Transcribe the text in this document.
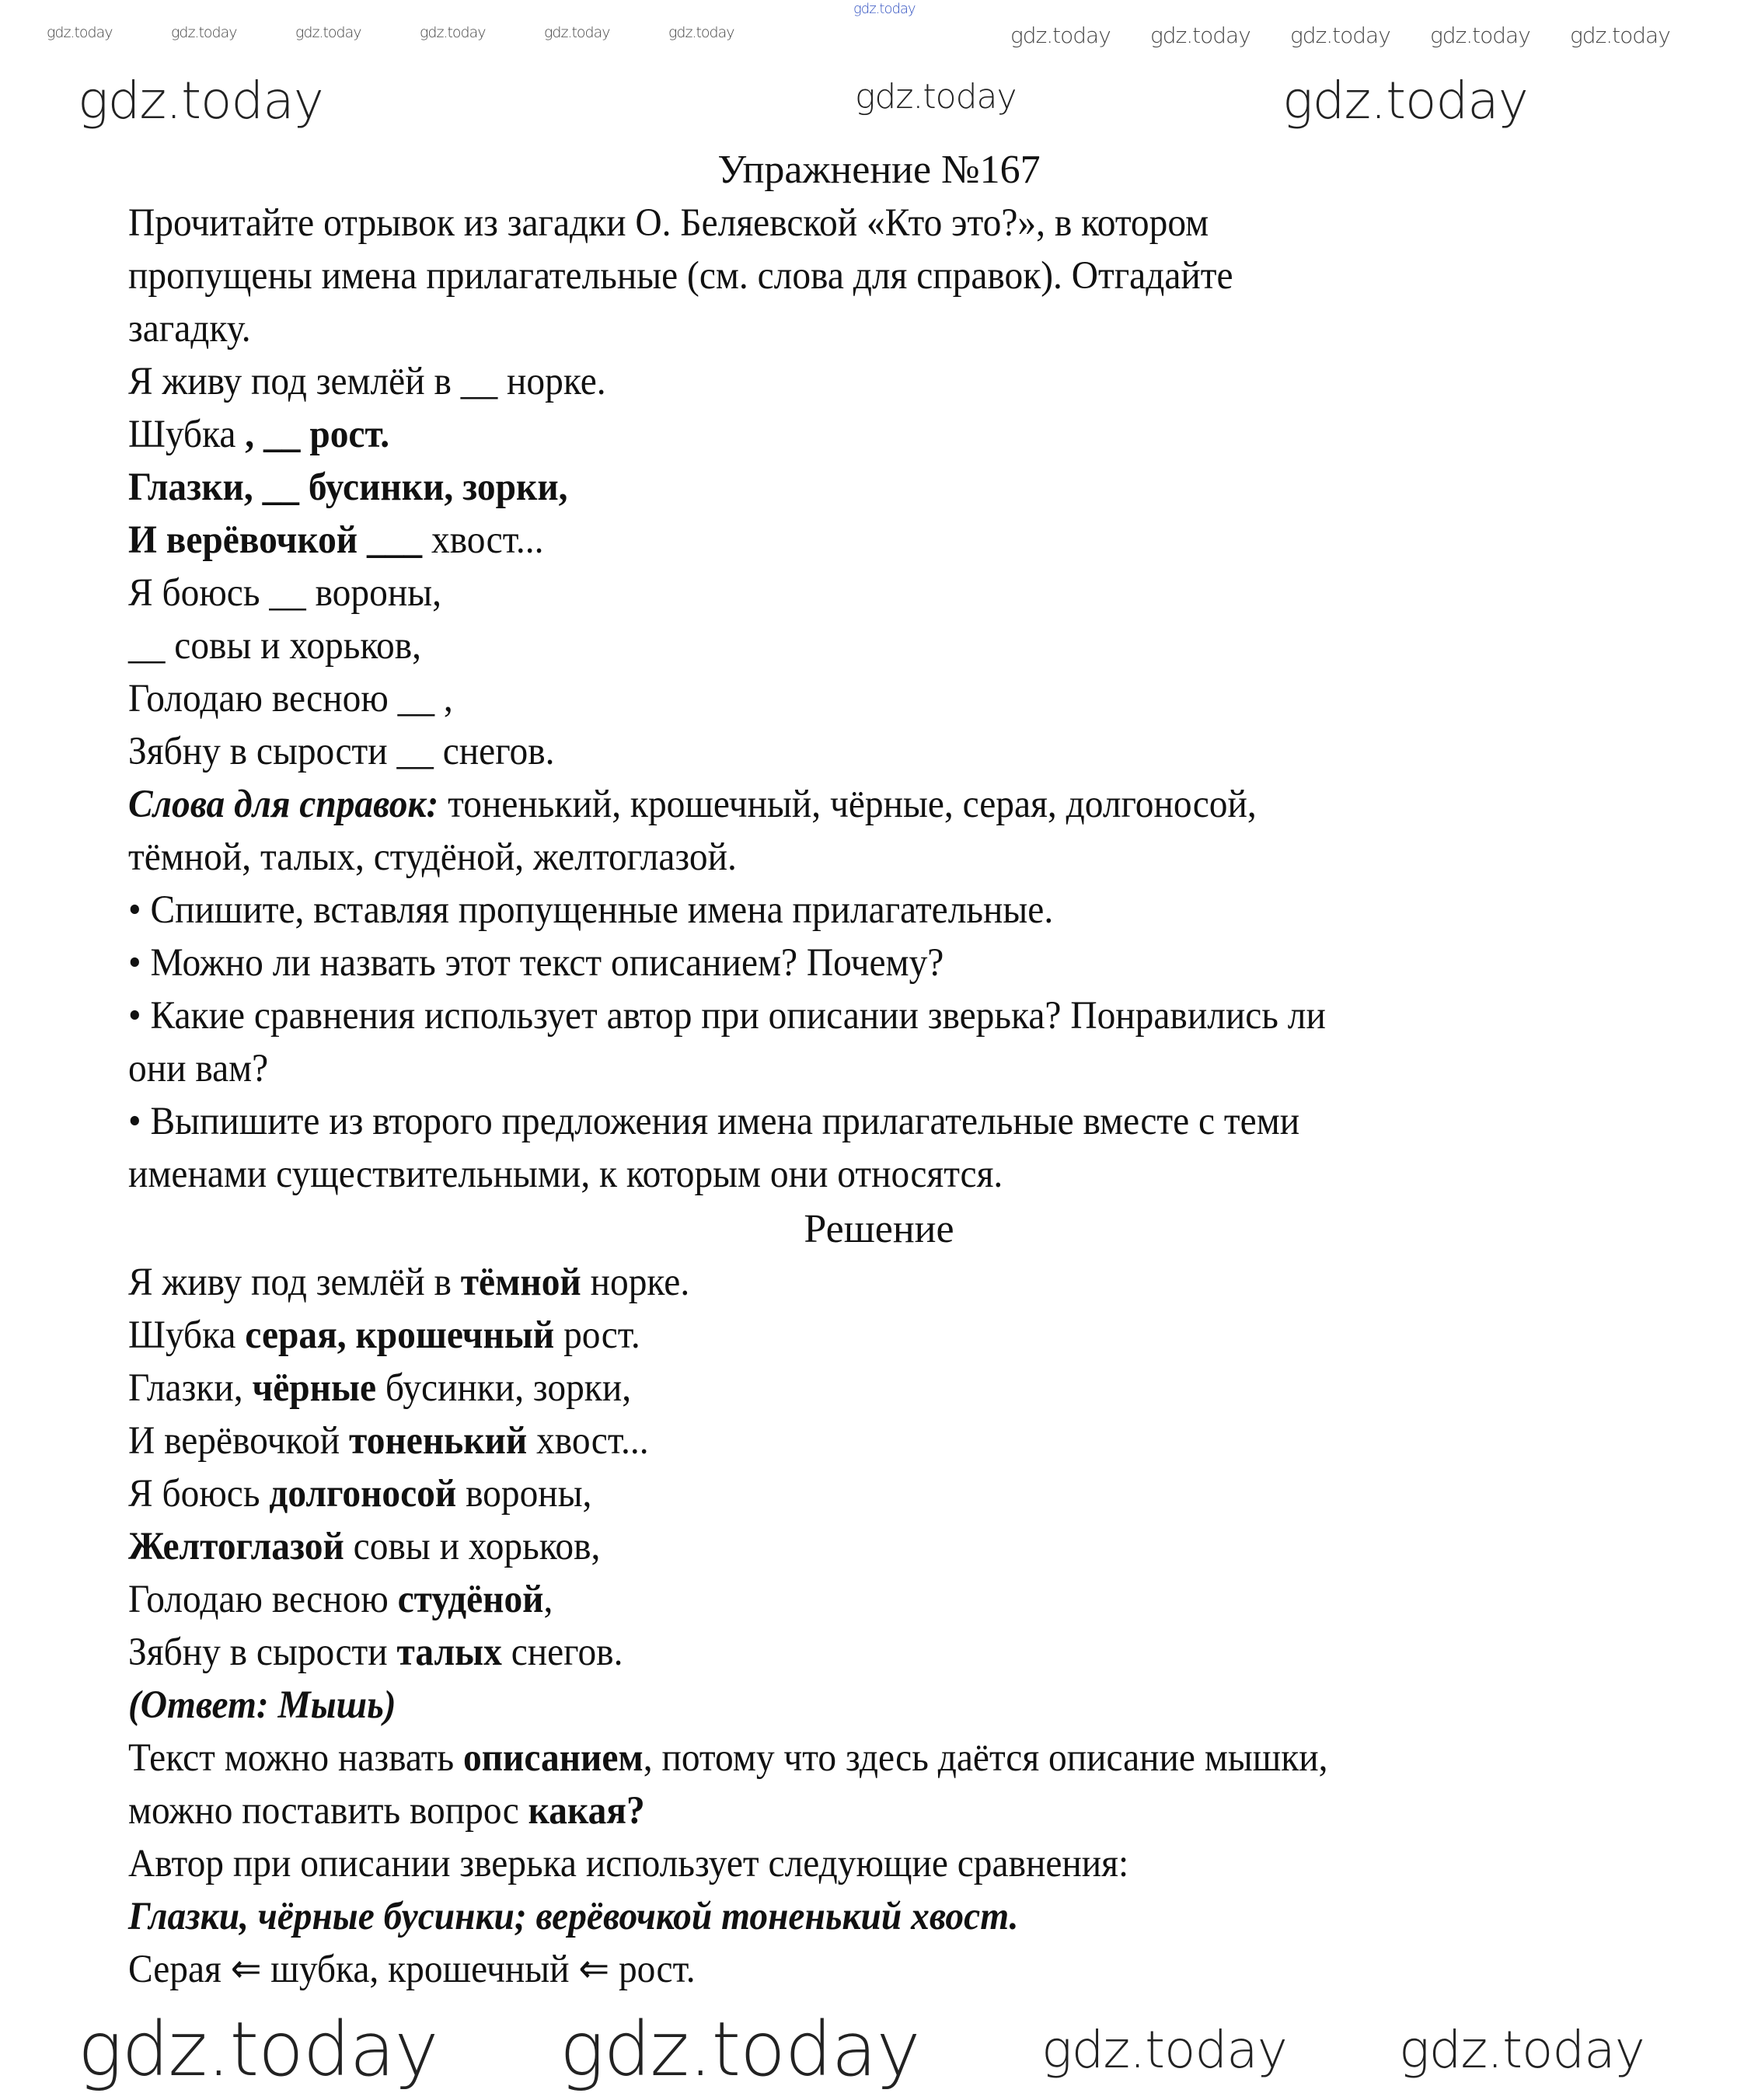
gdz.today
gdz.today	gdz.today	gdz.today	gdz.today	gdz.today	gdz.today	gdz.today gdz.today gdz.today gdz.today gdz.today
gdz.today	gdz.today
gdz.today
Упражнение №167
Прочитайте отрывок из загадки О. Беляевской «Кто это?», в котором
пропущены имена прилагательные (см. слова для справок). Отгадайте
загадку.
Я живу под землёй в __ норке.
Шубка , __ рост.
Глазки, __ бусинки, зорки,
И верёвочкой ___ хвост...
Я боюсь __ вороны,
__ совы и хорьков,
Голодаю весною __ ,
Зябну в сырости __ снегов.
Слова для справок: тоненький, крошечный, чёрные, серая, долгоносой,
тёмной, талых, студёной, желтоглазой.
• Спишите, вставляя пропущенные имена прилагательные.
• Можно ли назвать этот текст описанием? Почему?
• Какие сравнения использует автор при описании зверька? Понравились ли
они вам?
• Выпишите из второго предложения имена прилагательные вместе с теми
именами существительными, к которым они относятся.
Решение
Я живу под землёй в тёмной норке.
Шубка серая, крошечный рост.
Глазки, чёрные бусинки, зорки,
И верёвочкой тоненький хвост...
Я боюсь долгоносой вороны,
Желтоглазой совы и хорьков,
Голодаю весною студёной,
Зябну в сырости талых снегов.
(Ответ: Мышь)
Текст можно назвать описанием, потому что здесь даётся описание мышки,
можно поставить вопрос какая?
Автор при описании зверька использует следующие сравнения:
Глазки, чёрные бусинки; верёвочкой тоненький хвост.
Серая ⇐ шубка, крошечный ⇐ рост.
gdz.today gdz.today gdz.today gdz.today
